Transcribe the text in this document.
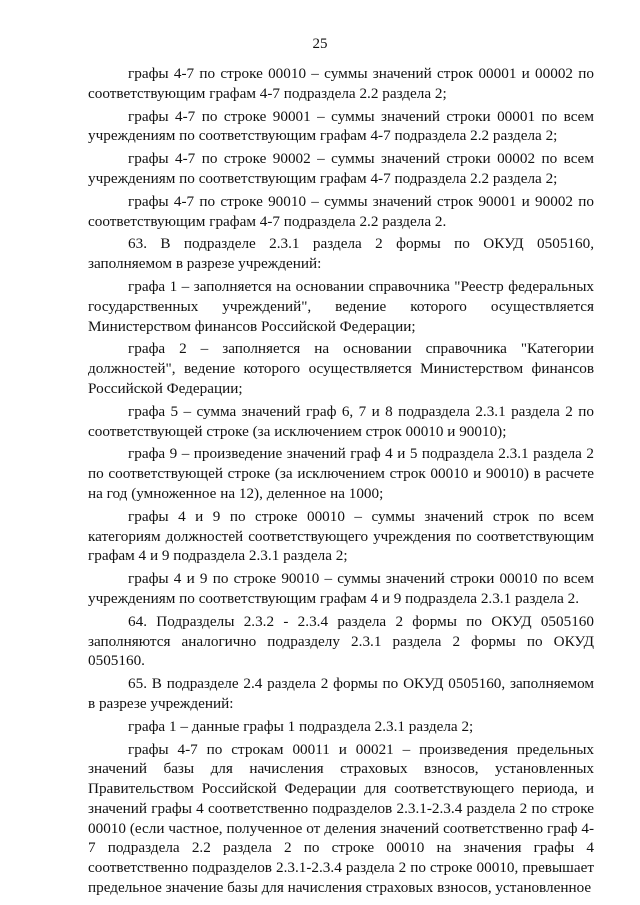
25

графы 4-7 по строке 00010 – суммы значений строк 00001 и 00002 по соответствующим графам 4-7 подраздела 2.2 раздела 2;

графы 4-7 по строке 90001 – суммы значений строки 00001 по всем учреждениям по соответствующим графам 4-7 подраздела 2.2 раздела 2;

графы 4-7 по строке 90002 – суммы значений строки 00002 по всем учреждениям по соответствующим графам 4-7 подраздела 2.2 раздела 2;

графы 4-7 по строке 90010 – суммы значений строк 90001 и 90002 по соответствующим графам 4-7 подраздела 2.2 раздела 2.

63. В подразделе 2.3.1 раздела 2 формы по ОКУД 0505160, заполняемом в разрезе учреждений:

графа 1 – заполняется на основании справочника "Реестр федеральных государственных учреждений", ведение которого осуществляется Министерством финансов Российской Федерации;

графа 2 – заполняется на основании справочника "Категории должностей", ведение которого осуществляется Министерством финансов Российской Федерации;

графа 5 – сумма значений граф 6, 7 и 8 подраздела 2.3.1 раздела 2 по соответствующей строке (за исключением строк 00010 и 90010);

графа 9 – произведение значений граф 4 и 5 подраздела 2.3.1 раздела 2 по соответствующей строке (за исключением строк 00010 и 90010) в расчете на год (умноженное на 12), деленное на 1000;

графы 4 и 9 по строке 00010 – суммы значений строк по всем категориям должностей соответствующего учреждения по соответствующим графам 4 и 9 подраздела 2.3.1 раздела 2;

графы 4 и 9 по строке 90010 – суммы значений строки 00010 по всем учреждениям по соответствующим графам 4 и 9 подраздела 2.3.1 раздела 2.

64. Подразделы 2.3.2 - 2.3.4 раздела 2 формы по ОКУД 0505160 заполняются аналогично подразделу 2.3.1 раздела 2 формы по ОКУД 0505160.

65. В подразделе 2.4 раздела 2 формы по ОКУД 0505160, заполняемом в разрезе учреждений:

графа 1 – данные графы 1 подраздела 2.3.1 раздела 2;

графы 4-7 по строкам 00011 и 00021 – произведения предельных значений базы для начисления страховых взносов, установленных Правительством Российской Федерации для соответствующего периода, и значений графы 4 соответственно подразделов 2.3.1-2.3.4 раздела 2 по строке 00010 (если частное, полученное от деления значений соответственно граф 4-7 подраздела 2.2 раздела 2 по строке 00010 на значения графы 4 соответственно подразделов 2.3.1-2.3.4 раздела 2 по строке 00010, превышает предельное значение базы для начисления страховых взносов, установленное
